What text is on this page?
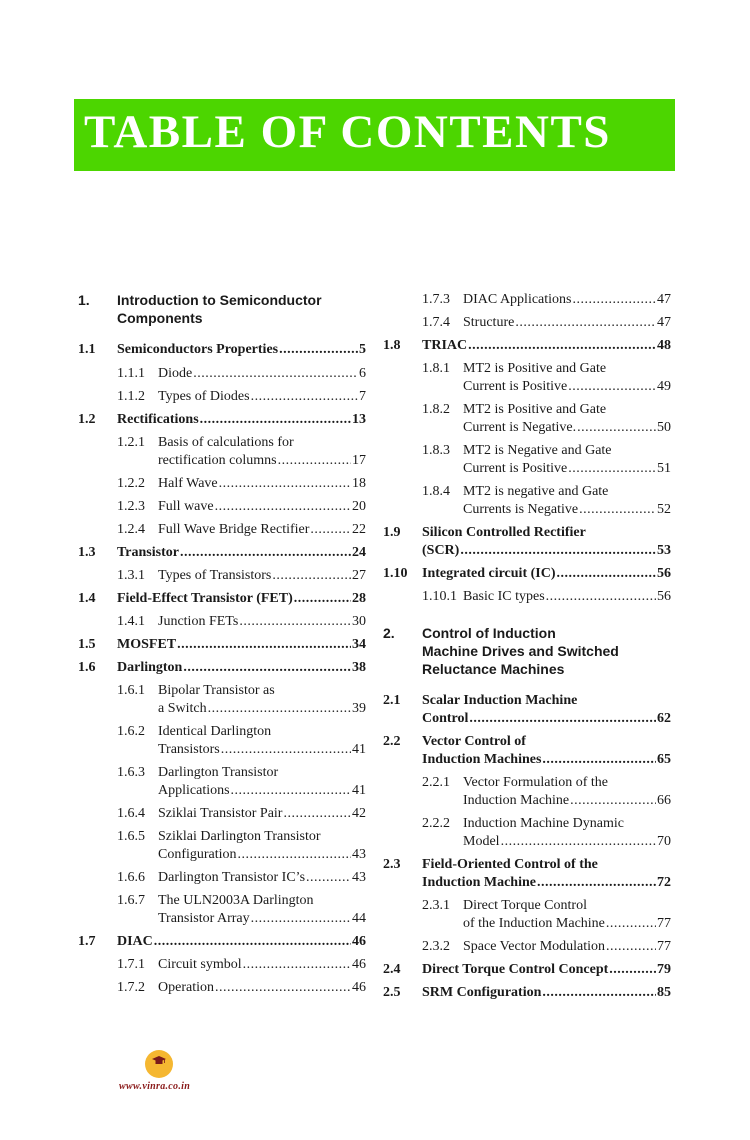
TABLE OF CONTENTS
1. Introduction to Semiconductor
Components
1.1 Semiconductors Properties .....	5
1.1.1 Diode .....	6
1.1.2 Types of Diodes .....	7
1.2 Rectifications .....	13
1.2.1 Basis of calculations for
rectification columns .....	17
1.2.2 Half Wave .....	18
1.2.3 Full wave .....	20
1.2.4 Full Wave Bridge Rectifier .....	22
1.3 Transistor .....	24
1.3.1 Types of Transistors .....	27
1.4 Field-Effect Transistor (FET) .....	28
1.4.1 Junction FETs .....	30
1.5 MOSFET .....	34
1.6 Darlington .....	38
1.6.1 Bipolar Transistor as
a Switch .....	39
1.6.2 Identical Darlington
Transistors .....	41
1.6.3 Darlington Transistor
Applications .....	41
1.6.4 Sziklai Transistor Pair .....	42
1.6.5 Sziklai Darlington Transistor
Configuration .....	43
1.6.6 Darlington Transistor IC’s .....	43
1.6.7 The ULN2003A Darlington
Transistor Array .....	44
1.7 DIAC .....	46
1.7.1 Circuit symbol .....	46
1.7.2 Operation .....	46
1.7.3 DIAC Applications .....	47
1.7.4 Structure .....	47
1.8 TRIAC .....	48
1.8.1 MT2 is Positive and Gate
Current is Positive .....	49
1.8.2 MT2 is Positive and Gate
Current is Negative. .....	50
1.8.3 MT2 is Negative and Gate
Current is Positive .....	51
1.8.4 MT2 is negative and Gate
Currents is Negative .....	52
1.9 Silicon Controlled Rectifier
(SCR) .....	53
1.10 Integrated circuit (IC) .....	56
1.10.1 Basic IC types .....	56
2. Control of Induction
Machine Drives and Switched
Reluctance Machines
2.1 Scalar Induction Machine
Control .....	62
2.2 Vector Control of
Induction Machines .....	65
2.2.1 Vector Formulation of the
Induction Machine .....	66
2.2.2 Induction Machine Dynamic
Model .....	70
2.3 Field-Oriented Control of the
Induction Machine .....	72
2.3.1 Direct Torque Control
of the Induction Machine .....	77
2.3.2 Space Vector Modulation .....	77
2.4 Direct Torque Control Concept .....	79
2.5 SRM Configuration .....	85
www.vinra.co.in
